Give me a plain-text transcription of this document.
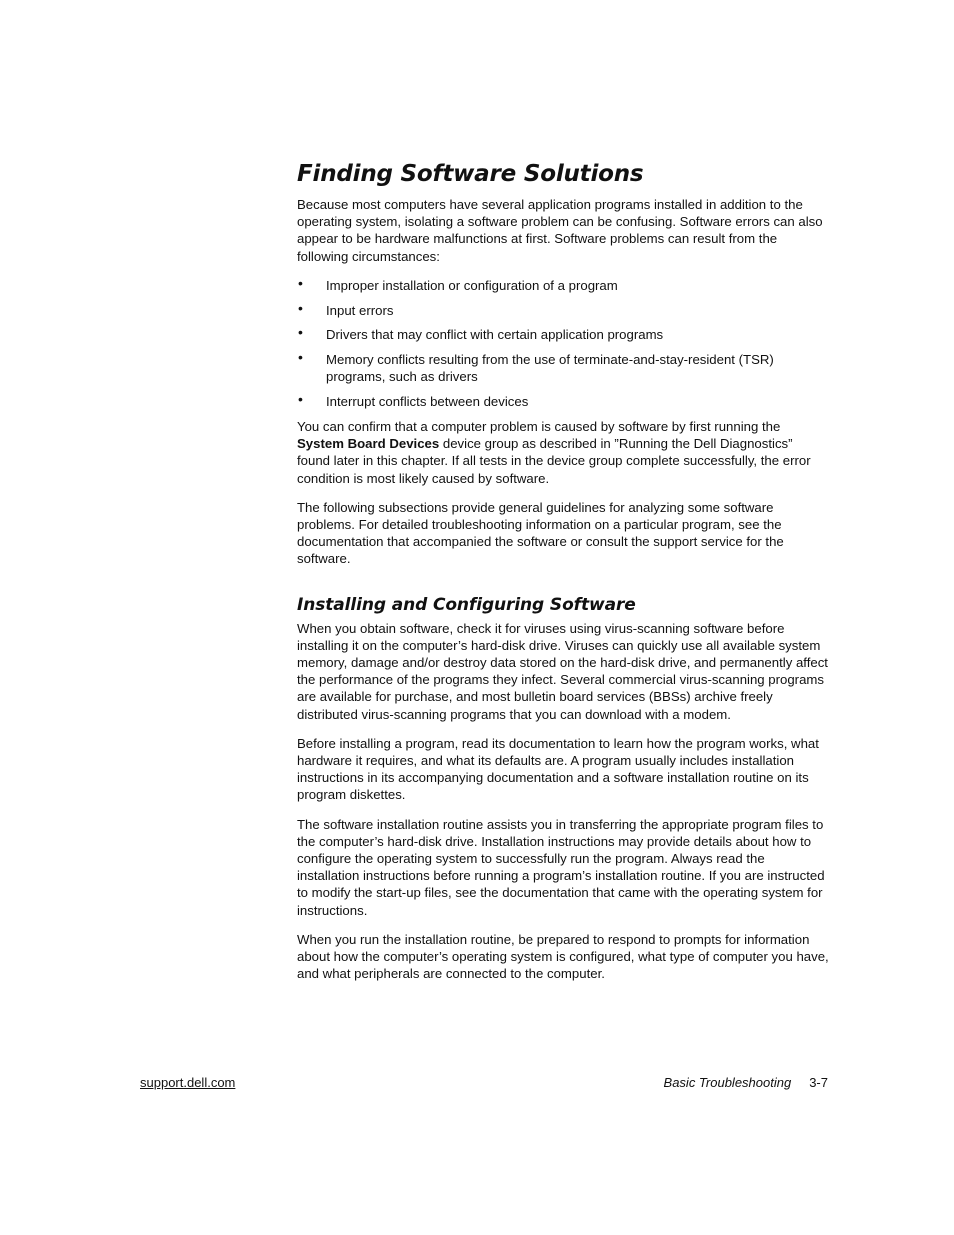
Finding Software Solutions

Because most computers have several application programs installed in addition to the operating system, isolating a software problem can be confusing. Software errors can also appear to be hardware malfunctions at first. Software problems can result from the following circumstances:

• Improper installation or configuration of a program
• Input errors
• Drivers that may conflict with certain application programs
• Memory conflicts resulting from the use of terminate-and-stay-resident (TSR) programs, such as drivers
• Interrupt conflicts between devices

You can confirm that a computer problem is caused by software by first running the System Board Devices device group as described in ”Running the Dell Diagnostics” found later in this chapter. If all tests in the device group complete successfully, the error condition is most likely caused by software.

The following subsections provide general guidelines for analyzing some software problems. For detailed troubleshooting information on a particular program, see the documentation that accompanied the software or consult the support service for the software.

Installing and Configuring Software

When you obtain software, check it for viruses using virus-scanning software before installing it on the computer’s hard-disk drive. Viruses can quickly use all available system memory, damage and/or destroy data stored on the hard-disk drive, and permanently affect the performance of the programs they infect. Several commercial virus-scanning programs are available for purchase, and most bulletin board services (BBSs) archive freely distributed virus-scanning programs that you can download with a modem.

Before installing a program, read its documentation to learn how the program works, what hardware it requires, and what its defaults are. A program usually includes installation instructions in its accompanying documentation and a software installation routine on its program diskettes.

The software installation routine assists you in transferring the appropriate program files to the computer’s hard-disk drive. Installation instructions may provide details about how to configure the operating system to successfully run the program. Always read the installation instructions before running a program’s installation routine. If you are instructed to modify the start-up files, see the documentation that came with the operating system for instructions.

When you run the installation routine, be prepared to respond to prompts for information about how the computer’s operating system is configured, what type of computer you have, and what peripherals are connected to the computer.

support.dell.com	Basic Troubleshooting 3-7
